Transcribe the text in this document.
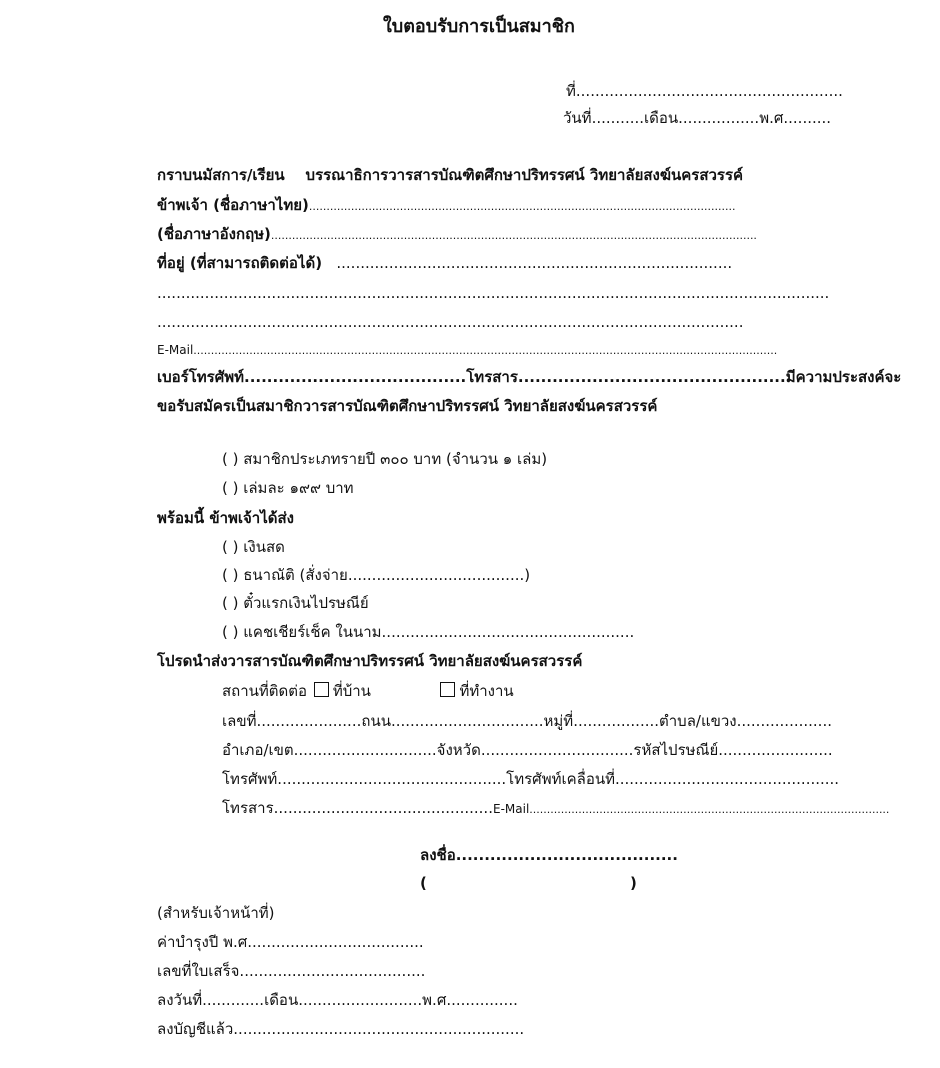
ใบตอบรับการเป็นสมาชิก
ที่........................................................
วันที่...........เดือน.................พ.ศ..........
กราบนมัสการ/เรียน บรรณาธิการวารสารบัณฑิตศึกษาปริทรรศน์ วิทยาลัยสงฆ์นครสวรรค์
ข้าพเจ้า (ชื่อภาษาไทย)..........................................................................................................................
(ชื่อภาษาอังกฤษ)...........................................................................................................................................
ที่อยู่ (ที่สามารถติดต่อได้) ...................................................................................
.............................................................................................................................................
...........................................................................................................................
E-Mail.......................................................................................................................................................................
เบอร์โทรศัพท์.......................................โทรสาร...............................................มีความประสงค์จะ
ขอรับสมัครเป็นสมาชิกวารสารบัณฑิตศึกษาปริทรรศน์ วิทยาลัยสงฆ์นครสวรรค์
( ) สมาชิกประเภทรายปี ๓๐๐ บาท (จำนวน ๑ เล่ม)
( ) เล่มละ ๑๙๙ บาท
พร้อมนี้ ข้าพเจ้าได้ส่ง
( ) เงินสด
( ) ธนาณัติ (สั่งจ่าย.....................................)
( ) ตั๋วแรกเงินไปรษณีย์
( ) แคชเชียร์เช็ค ในนาม.....................................................
โปรดนำส่งวารสารบัณฑิตศึกษาปริทรรศน์ วิทยาลัยสงฆ์นครสวรรค์
สถานที่ติดต่อ ที่บ้าน	ที่ทำงาน
เลขที่......................ถนน................................หมู่ที่..................ตำบล/แขวง....................
อำเภอ/เขต..............................จังหวัด................................รหัสไปรษณีย์........................
โทรศัพท์................................................โทรศัพท์เคลื่อนที่...............................................
โทรสาร..............................................E-Mail.......................................................................................................
ลงชื่อ.......................................
(	)
(สำหรับเจ้าหน้าที่)
ค่าบำรุงปี พ.ศ.....................................
เลขที่ใบเสร็จ.......................................
ลงวันที่.............เดือน..........................พ.ศ...............
ลงบัญชีแล้ว.............................................................
